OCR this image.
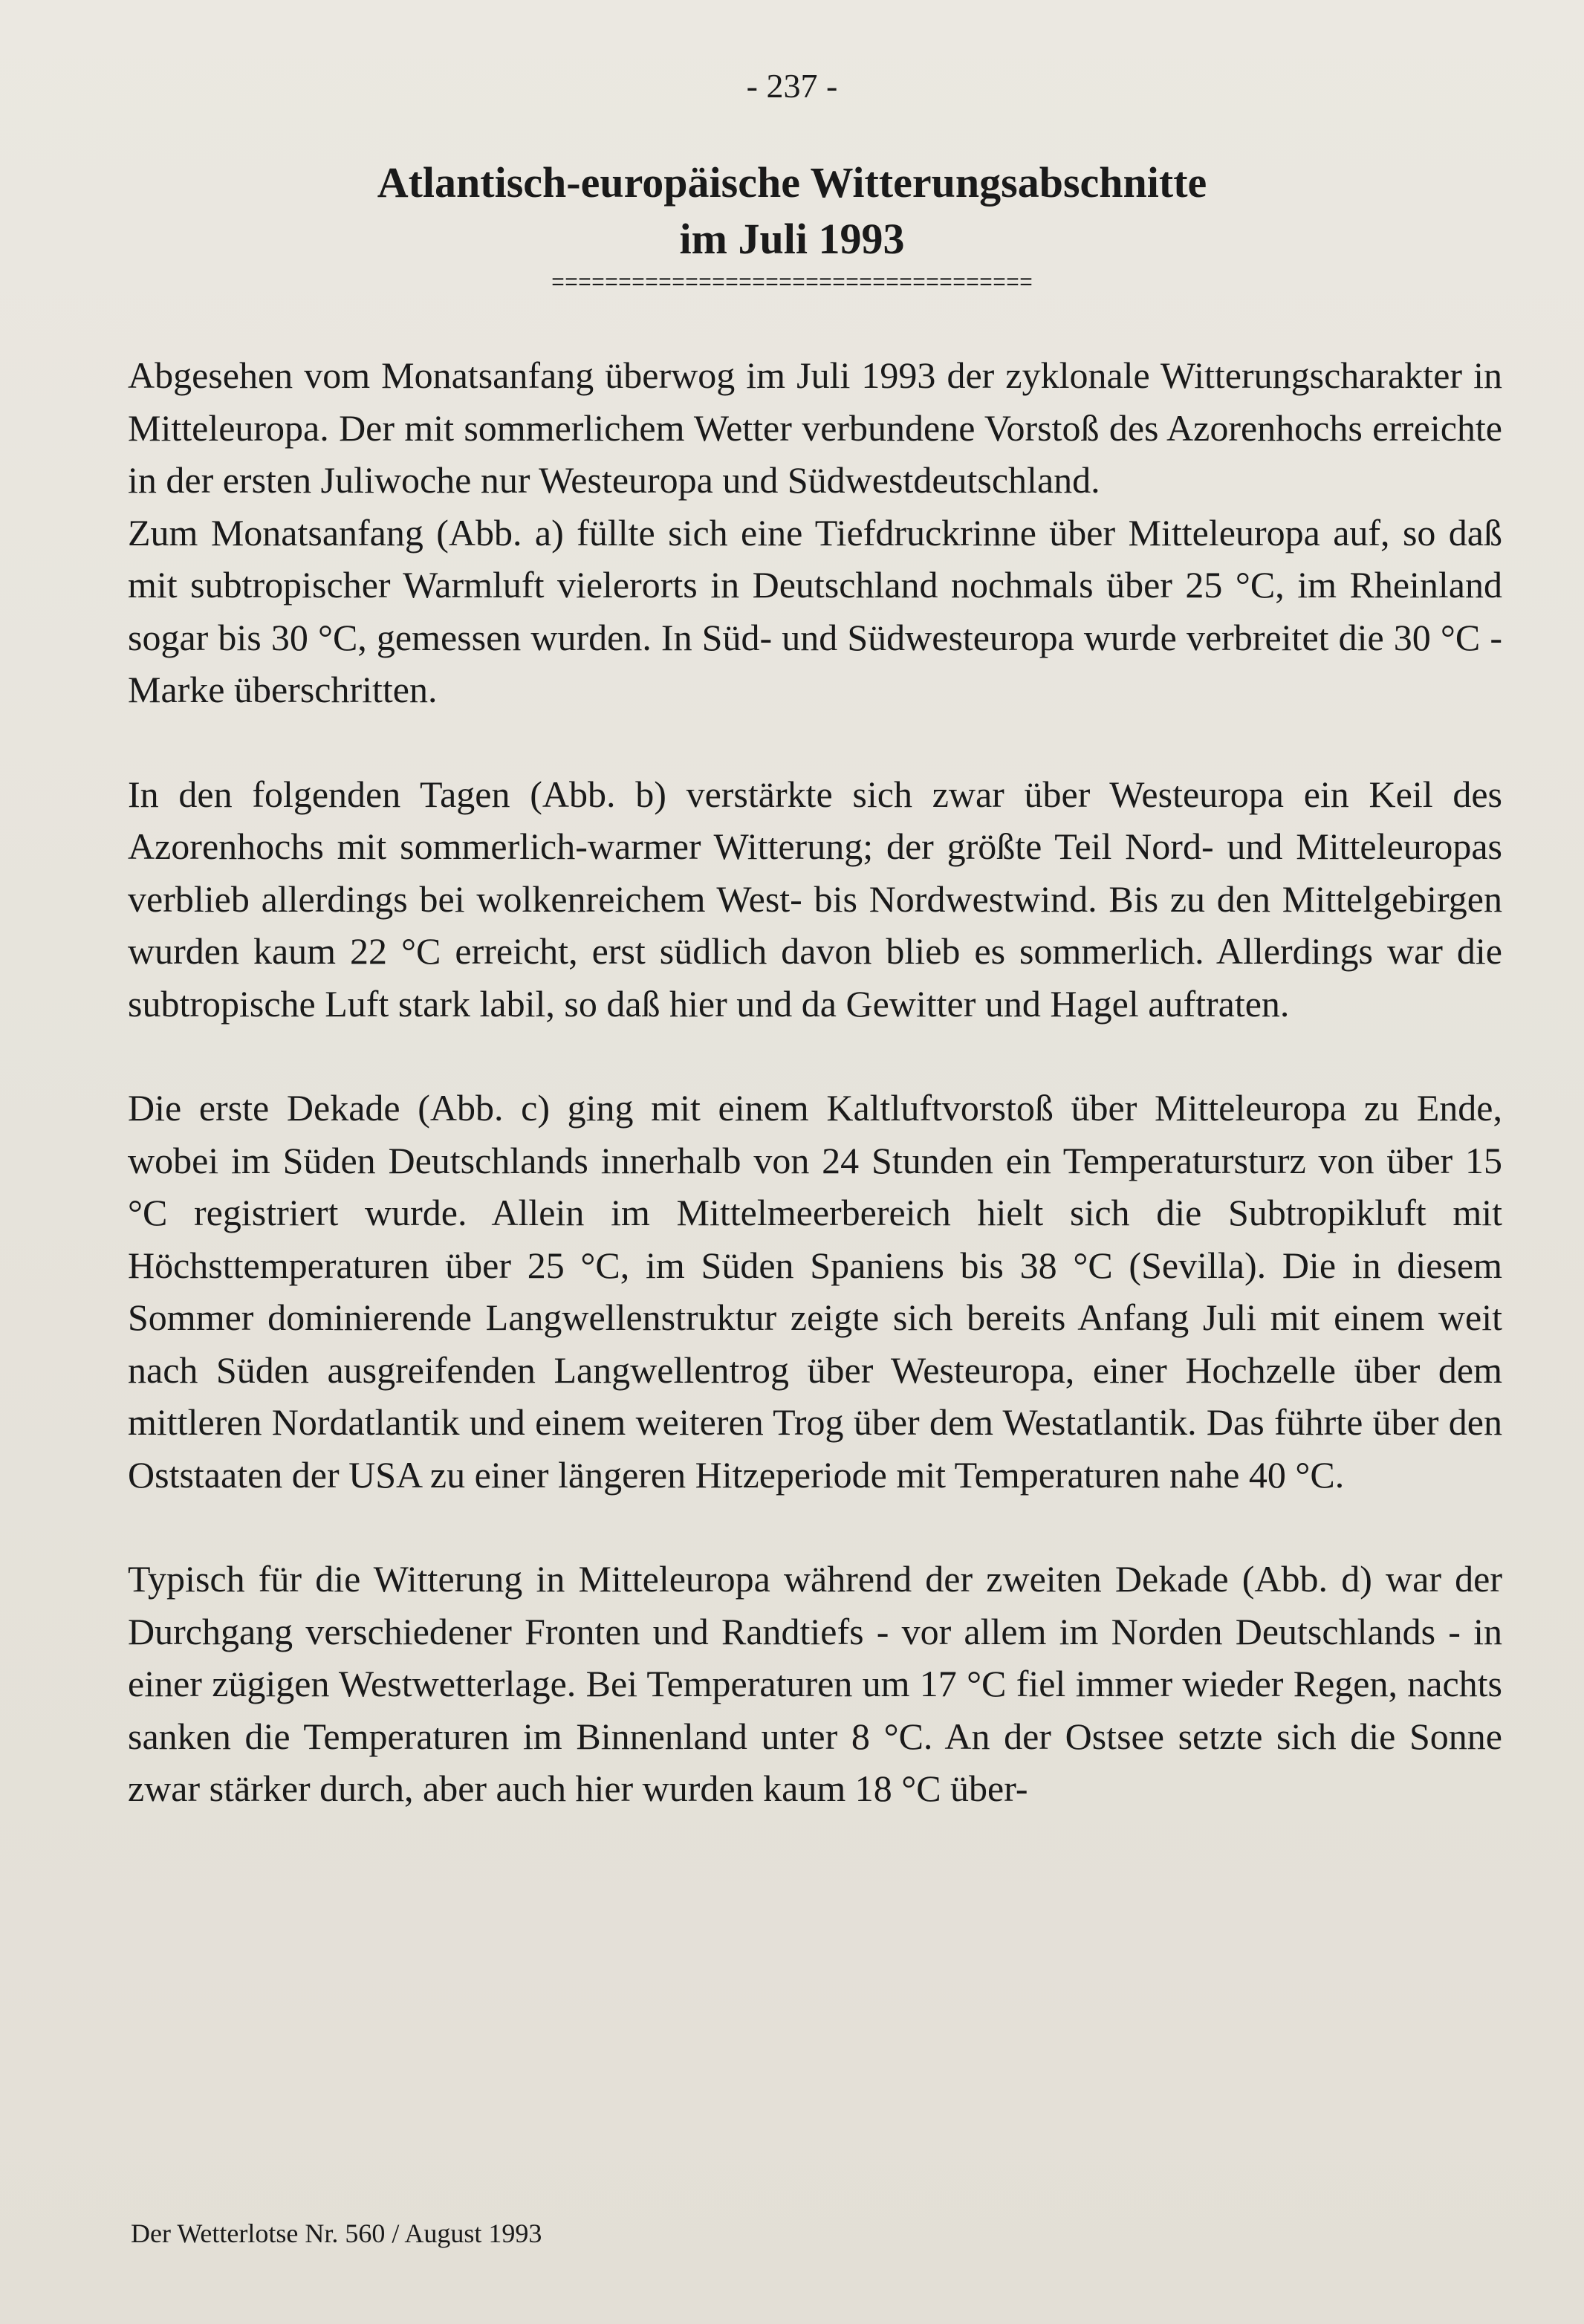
- 237 -
Atlantisch-europäische Witterungsabschnitte
im Juli 1993
====================================

Abgesehen vom Monatsanfang überwog im Juli 1993 der zyklonale Witterungscharakter in Mitteleuropa. Der mit sommerlichem Wetter verbundene Vorstoß des Azorenhochs erreichte in der ersten Juliwoche nur Westeuropa und Südwestdeutschland.

Zum Monatsanfang (Abb. a) füllte sich eine Tiefdruckrinne über Mitteleuropa auf, so daß mit subtropischer Warmluft vielerorts in Deutschland nochmals über 25 °C, im Rheinland sogar bis 30 °C, gemessen wurden. In Süd- und Südwesteuropa wurde verbreitet die 30 °C - Marke überschritten.

In den folgenden Tagen (Abb. b) verstärkte sich zwar über Westeuropa ein Keil des Azorenhochs mit sommerlich-warmer Witterung; der größte Teil Nord- und Mitteleuropas verblieb allerdings bei wolkenreichem West- bis Nordwestwind. Bis zu den Mittelgebirgen wurden kaum 22 °C erreicht, erst südlich davon blieb es sommerlich. Allerdings war die subtropische Luft stark labil, so daß hier und da Gewitter und Hagel auftraten.

Die erste Dekade (Abb. c) ging mit einem Kaltluftvorstoß über Mitteleuropa zu Ende, wobei im Süden Deutschlands innerhalb von 24 Stunden ein Temperatursturz von über 15 °C registriert wurde. Allein im Mittelmeerbereich hielt sich die Subtropikluft mit Höchsttemperaturen über 25 °C, im Süden Spaniens bis 38 °C (Sevilla). Die in diesem Sommer dominierende Langwellenstruktur zeigte sich bereits Anfang Juli mit einem weit nach Süden ausgreifenden Langwellentrog über Westeuropa, einer Hochzelle über dem mittleren Nordatlantik und einem weiteren Trog über dem Westatlantik. Das führte über den Oststaaten der USA zu einer längeren Hitzeperiode mit Temperaturen nahe 40 °C.

Typisch für die Witterung in Mitteleuropa während der zweiten Dekade (Abb. d) war der Durchgang verschiedener Fronten und Randtiefs - vor allem im Norden Deutschlands - in einer zügigen Westwetterlage. Bei Temperaturen um 17 °C fiel immer wieder Regen, nachts sanken die Temperaturen im Binnenland unter 8 °C. An der Ostsee setzte sich die Sonne zwar stärker durch, aber auch hier wurden kaum 18 °C über-

Der Wetterlotse Nr. 560 / August 1993
